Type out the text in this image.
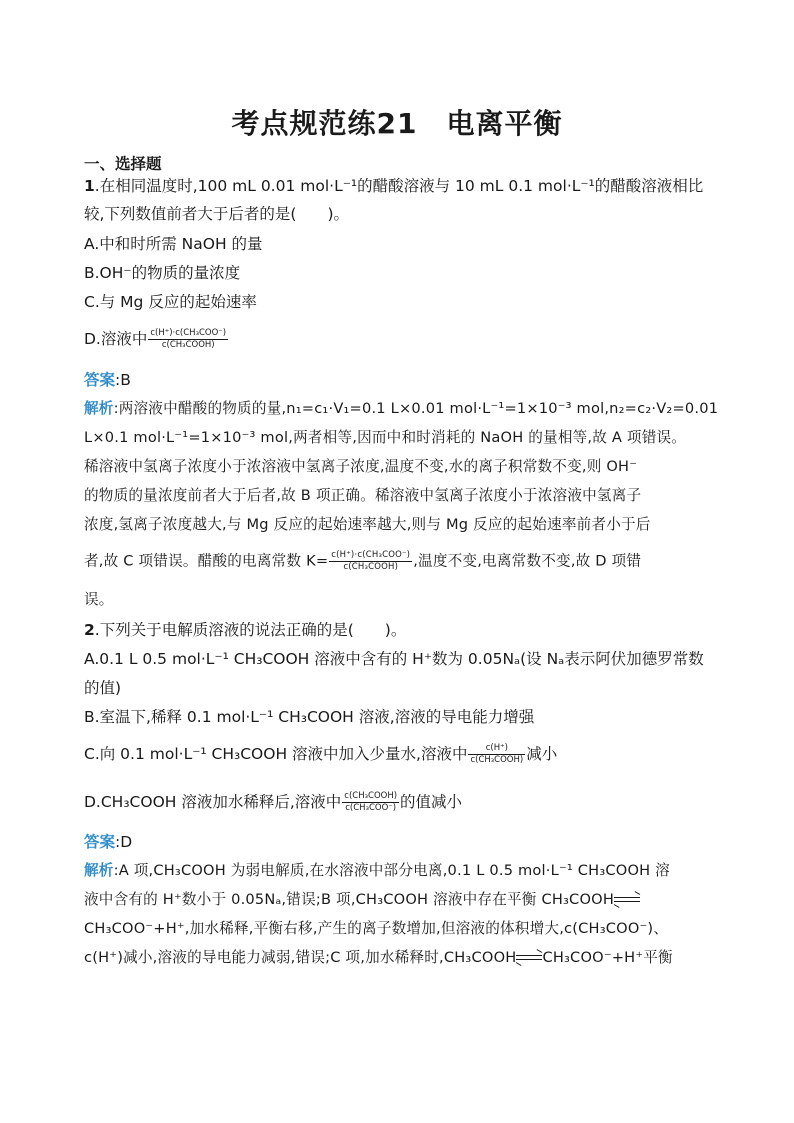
考点规范练21　电离平衡
一、选择题
1.在相同温度时,100 mL 0.01 mol·L⁻¹的醋酸溶液与 10 mL 0.1 mol·L⁻¹的醋酸溶液相比
较,下列数值前者大于后者的是(　　)。
A.中和时所需 NaOH 的量
B.OH⁻的物质的量浓度
C.与 Mg 反应的起始速率
D.溶液中 $\frac{\text{c(H⁺)·c(CH₃COO⁻)}}{\text{c(CH₃COOH)}}$
答案:B
解析:两溶液中醋酸的物质的量,n₁=c₁·V₁=0.1 L×0.01 mol·L⁻¹=1×10⁻³ mol,n₂=c₂·V₂=0.01
L×0.1 mol·L⁻¹=1×10⁻³ mol,两者相等,因而中和时消耗的 NaOH 的量相等,故 A 项错误。
稀溶液中氢离子浓度小于浓溶液中氢离子浓度,温度不变,水的离子积常数不变,则 OH⁻
的物质的量浓度前者大于后者,故 B 项正确。稀溶液中氢离子浓度小于浓溶液中氢离子
浓度,氢离子浓度越大,与 Mg 反应的起始速率越大,则与 Mg 反应的起始速率前者小于后
者,故 C 项错误。醋酸的电离常数 $K= \frac{\text{c(H⁺)·c(CH₃COO⁻)}}{\text{c(CH₃COOH)}}$ ,温度不变,电离常数不变,故 D 项错
误。
2.下列关于电解质溶液的说法正确的是(　　)。
A.0.1 L 0.5 mol·L⁻¹ CH₃COOH 溶液中含有的 H⁺数为 0.05Nₐ(设 Nₐ表示阿伏加德罗常数
的值)
B.室温下,稀释 0.1 mol·L⁻¹ CH₃COOH 溶液,溶液的导电能力增强
C.向 0.1 mol·L⁻¹ CH₃COOH 溶液中加入少量水,溶液中 $\frac{c(H^+)}{\text{c(CH₃COOH)}}$ 减小
D.CH₃COOH 溶液加水稀释后,溶液中 $\frac{\text{c(CH₃COOH)}}{\text{c(CH₃COO⁻)}}$ 的值减小
答案:D
解析:A 项,CH₃COOH 为弱电解质,在水溶液中部分电离,0.1 L 0.5 mol·L⁻¹ CH₃COOH 溶
液中含有的 H⁺数小于 0.05Nₐ,错误;B 项,CH₃COOH 溶液中存在平衡 CH₃COOH
CH₃COO⁻+H⁺,加水稀释,平衡右移,产生的离子数增加,但溶液的体积增大,c(CH₃COO⁻)、
c(H⁺)减小,溶液的导电能力减弱,错误;C 项,加水稀释时,CH₃COOH CH₃COO⁻+H⁺平衡
